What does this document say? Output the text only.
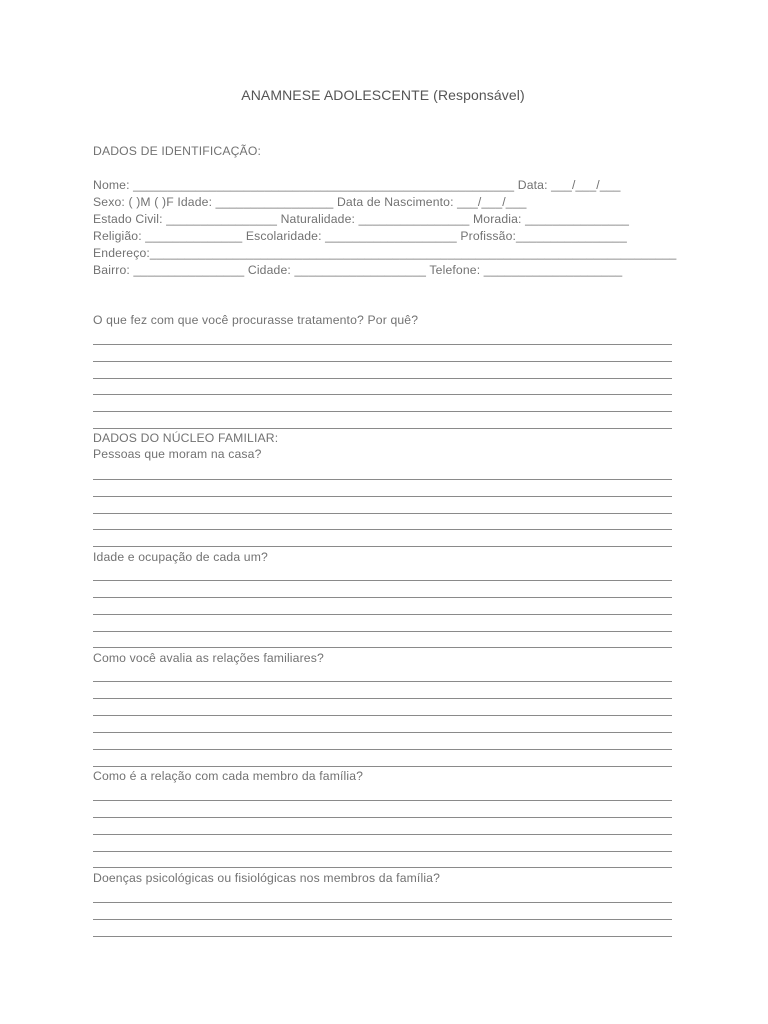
ANAMNESE ADOLESCENTE (Responsável)
DADOS DE IDENTIFICAÇÃO:
Nome: _______________________________________________________ Data: ___/___/___
Sexo: ( )M ( )F Idade: _________________ Data de Nascimento: ___/___/___
Estado Civil: ________________ Naturalidade: ________________ Moradia: _______________
Religião: ______________ Escolaridade: ___________________ Profissão:________________
Endereço:____________________________________________________________________________
Bairro: ________________ Cidade: ___________________ Telefone: ____________________
O que fez com que você procurasse tratamento? Por quê?
DADOS DO NÚCLEO FAMILIAR:
Pessoas que moram na casa?
Idade e ocupação de cada um?
Como você avalia as relações familiares?
Como é a relação com cada membro da família?
Doenças psicológicas ou fisiológicas nos membros da família?
